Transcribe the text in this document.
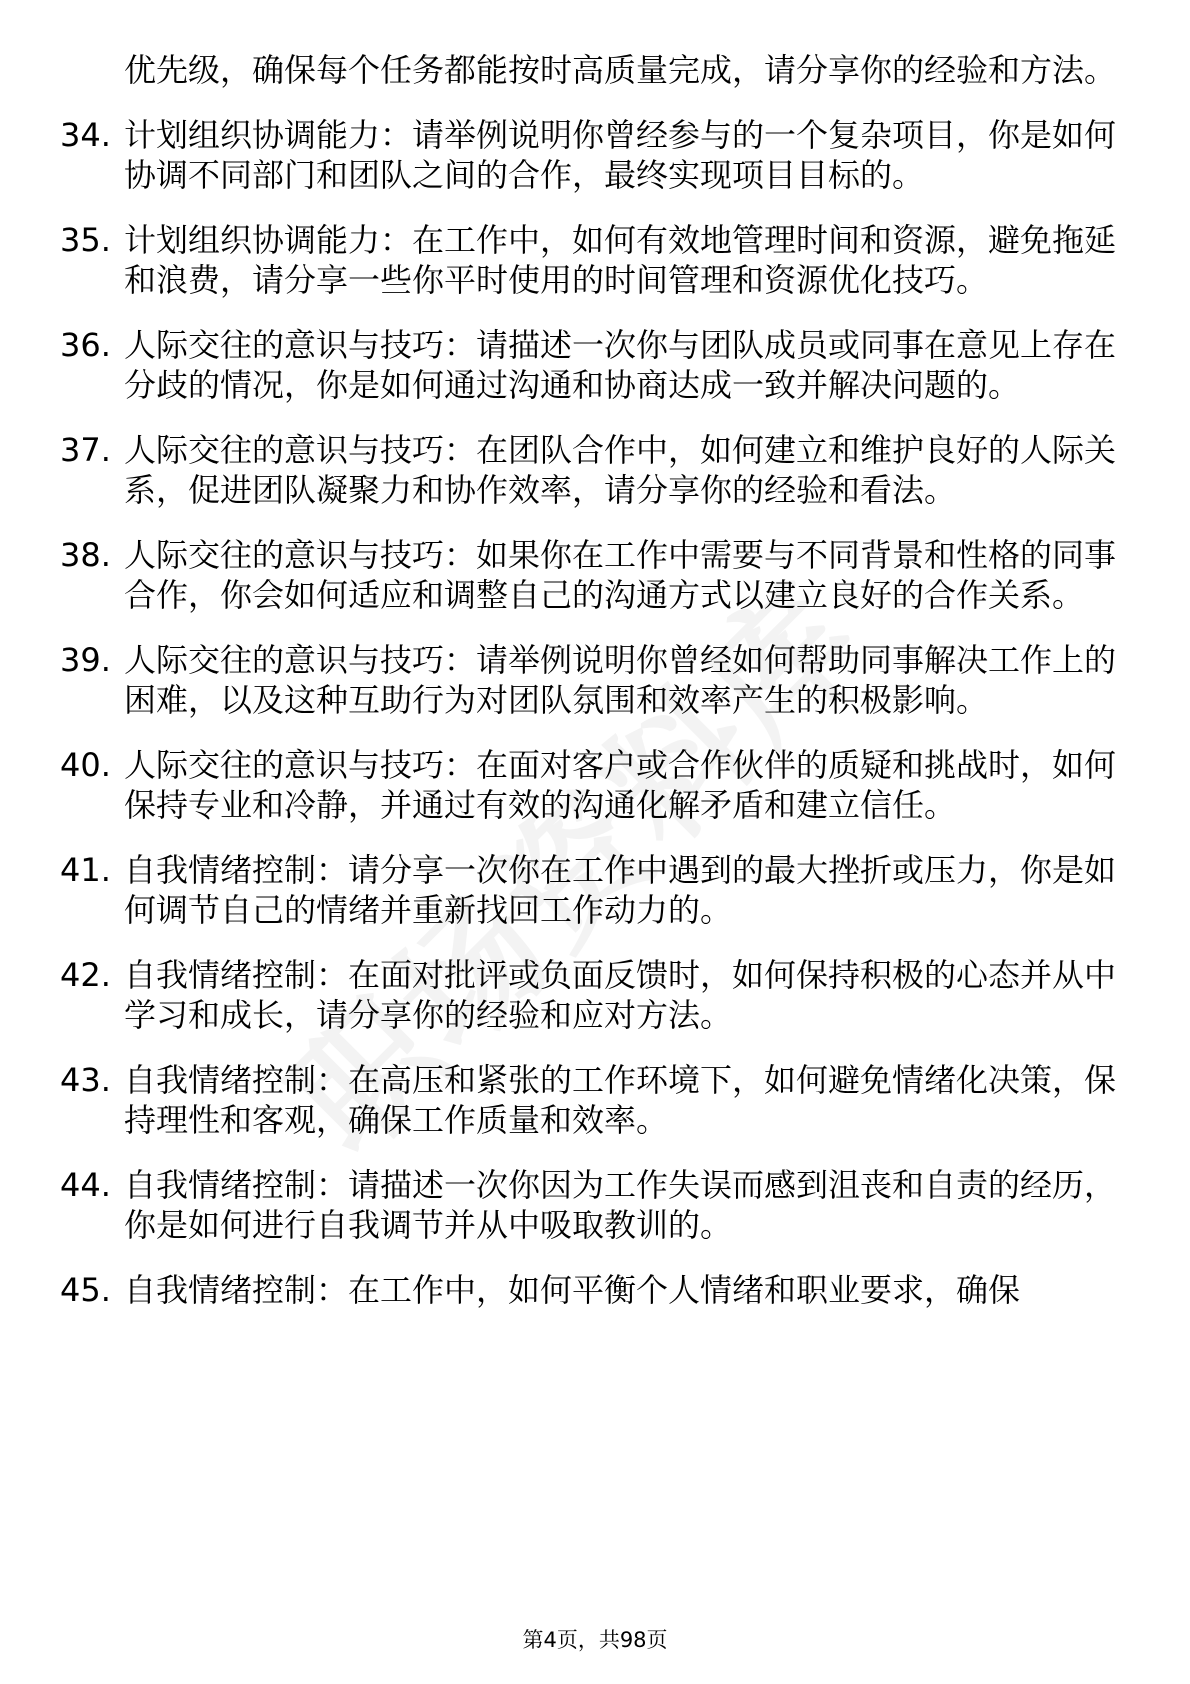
优先级，确保每个任务都能按时高质量完成，请分享你的经验和方法。
34. 计划组织协调能力：请举例说明你曾经参与的一个复杂项目，你是如何协调不同部门和团队之间的合作，最终实现项目目标的。
35. 计划组织协调能力：在工作中，如何有效地管理时间和资源，避免拖延和浪费，请分享一些你平时使用的时间管理和资源优化技巧。
36. 人际交往的意识与技巧：请描述一次你与团队成员或同事在意见上存在分歧的情况，你是如何通过沟通和协商达成一致并解决问题的。
37. 人际交往的意识与技巧：在团队合作中，如何建立和维护良好的人际关系，促进团队凝聚力和协作效率，请分享你的经验和看法。
38. 人际交往的意识与技巧：如果你在工作中需要与不同背景和性格的同事合作，你会如何适应和调整自己的沟通方式以建立良好的合作关系。
39. 人际交往的意识与技巧：请举例说明你曾经如何帮助同事解决工作上的困难，以及这种互助行为对团队氛围和效率产生的积极影响。
40. 人际交往的意识与技巧：在面对客户或合作伙伴的质疑和挑战时，如何保持专业和冷静，并通过有效的沟通化解矛盾和建立信任。
41. 自我情绪控制：请分享一次你在工作中遇到的最大挫折或压力，你是如何调节自己的情绪并重新找回工作动力的。
42. 自我情绪控制：在面对批评或负面反馈时，如何保持积极的心态并从中学习和成长，请分享你的经验和应对方法。
43. 自我情绪控制：在高压和紧张的工作环境下，如何避免情绪化决策，保持理性和客观，确保工作质量和效率。
44. 自我情绪控制：请描述一次你因为工作失误而感到沮丧和自责的经历，你是如何进行自我调节并从中吸取教训的。
45. 自我情绪控制：在工作中，如何平衡个人情绪和职业要求，确保
第4页，共98页
